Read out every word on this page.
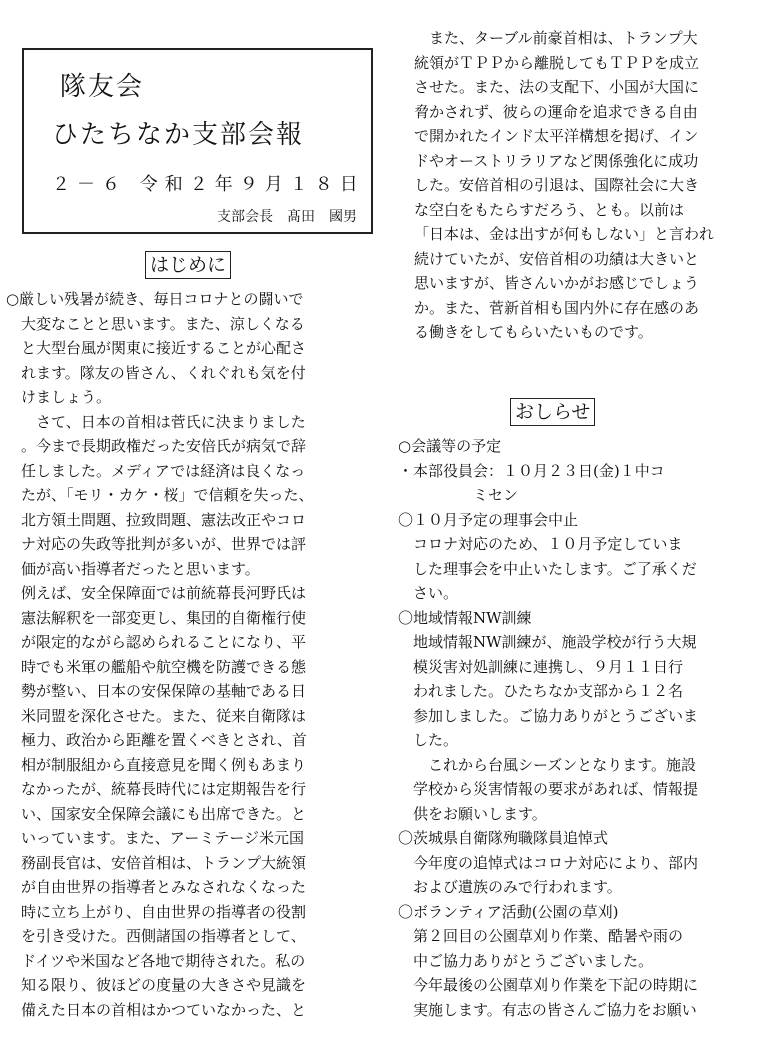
隊友会
ひたちなか支部会報
２－６ 令和２年９月１８日
支部会長　髙田　國男
はじめに
○厳しい残暑が続き、毎日コロナとの闘いで
大変なことと思います。また、涼しくなる
と大型台風が関東に接近することが心配さ
れます。隊友の皆さん、くれぐれも気を付
けましょう。
　さて、日本の首相は菅氏に決まりました
。今まで長期政権だった安倍氏が病気で辞
任しました。メディアでは経済は良くなっ
たが、「モリ・カケ・桜」で信頼を失った、
北方領土問題、拉致問題、憲法改正やコロ
ナ対応の失政等批判が多いが、世界では評
価が高い指導者だったと思います。
例えば、安全保障面では前統幕長河野氏は
憲法解釈を一部変更し、集団的自衛権行使
が限定的ながら認められることになり、平
時でも米軍の艦船や航空機を防護できる態
勢が整い、日本の安保保障の基軸である日
米同盟を深化させた。また、従来自衛隊は
極力、政治から距離を置くべきとされ、首
相が制服組から直接意見を聞く例もあまり
なかったが、統幕長時代には定期報告を行
い、国家安全保障会議にも出席できた。と
いっています。また、アーミテージ米元国
務副長官は、安倍首相は、トランプ大統領
が自由世界の指導者とみなされなくなった
時に立ち上がり、自由世界の指導者の役割
を引き受けた。西側諸国の指導者として、
ドイツや米国など各地で期待された。私の
知る限り、彼ほどの度量の大きさや見識を
備えた日本の首相はかつていなかった、と
　また、ターブル前豪首相は、トランプ大
統領がＴＰＰから離脱してもＴＰＰを成立
させた。また、法の支配下、小国が大国に
脅かされず、彼らの運命を追求できる自由
で開かれたインド太平洋構想を掲げ、イン
ドやオーストリラリアなど関係強化に成功
した。安倍首相の引退は、国際社会に大き
な空白をもたらすだろう、とも。以前は
「日本は、金は出すが何もしない」と言われ
続けていたが、安倍首相の功績は大きいと
思いますが、皆さんいかがお感じでしょう
か。また、菅新首相も国内外に存在感のあ
る働きをしてもらいたいものです。
おしらせ
○会議等の予定
・本部役員会：１０月２３日(金)１中コ
　　　　　ミセン
〇１０月予定の理事会中止
　コロナ対応のため、１０月予定していま
　した理事会を中止いたします。ご了承くだ
　さい。
〇地域情報NW訓練
　地域情報NW訓練が、施設学校が行う大規
　模災害対処訓練に連携し、９月１１日行
　われました。ひたちなか支部から１２名
　参加しました。ご協力ありがとうございま
　した。
　　これから台風シーズンとなります。施設
　学校から災害情報の要求があれば、情報提
　供をお願いします。
〇茨城県自衛隊殉職隊員追悼式
　今年度の追悼式はコロナ対応により、部内
　および遺族のみで行われます。
〇ボランティア活動(公園の草刈)
　第２回目の公園草刈り作業、酷暑や雨の
　中ご協力ありがとうございました。
　今年最後の公園草刈り作業を下記の時期に
　実施します。有志の皆さんご協力をお願い
